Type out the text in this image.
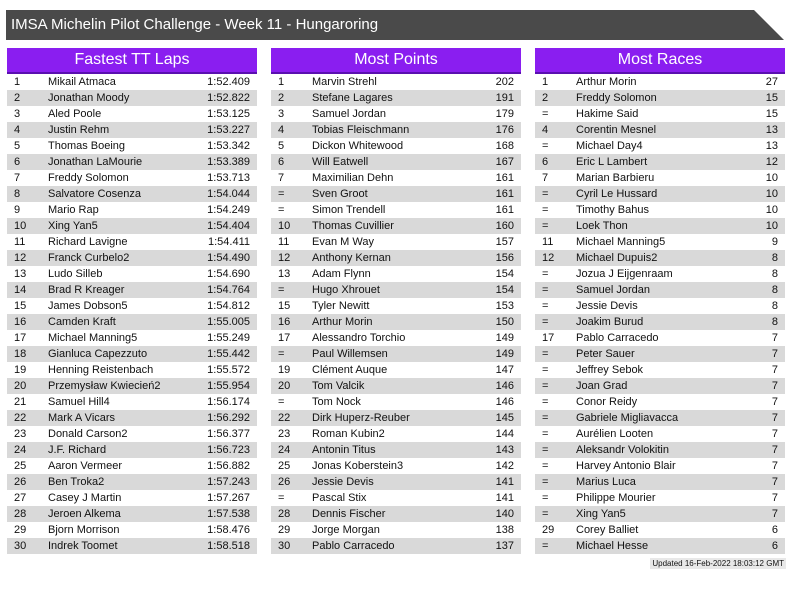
IMSA Michelin Pilot Challenge - Week 11 - Hungaroring
Fastest TT Laps
1	Mikail Atmaca	1:52.409
2	Jonathan Moody	1:52.822
3	Aled Poole	1:53.125
4	Justin Rehm	1:53.227
5	Thomas Boeing	1:53.342
6	Jonathan LaMourie	1:53.389
7	Freddy Solomon	1:53.713
8	Salvatore Cosenza	1:54.044
9	Mario Rap	1:54.249
10	Xing Yan5	1:54.404
11	Richard Lavigne	1:54.411
12	Franck Curbelo2	1:54.490
13	Ludo Silleb	1:54.690
14	Brad R Kreager	1:54.764
15	James Dobson5	1:54.812
16	Camden Kraft	1:55.005
17	Michael Manning5	1:55.249
18	Gianluca Capezzuto	1:55.442
19	Henning Reistenbach	1:55.572
20	Przemysław Kwiecień2	1:55.954
21	Samuel Hill4	1:56.174
22	Mark A Vicars	1:56.292
23	Donald Carson2	1:56.377
24	J.F. Richard	1:56.723
25	Aaron Vermeer	1:56.882
26	Ben Troka2	1:57.243
27	Casey J Martin	1:57.267
28	Jeroen Alkema	1:57.538
29	Bjorn Morrison	1:58.476
30	Indrek Toomet	1:58.518
Most Points
1	Marvin Strehl	202
2	Stefane Lagares	191
3	Samuel Jordan	179
4	Tobias Fleischmann	176
5	Dickon Whitewood	168
6	Will Eatwell	167
7	Maximilian Dehn	161
=	Sven Groot	161
=	Simon Trendell	161
10	Thomas Cuvillier	160
11	Evan M Way	157
12	Anthony Kernan	156
13	Adam Flynn	154
=	Hugo Xhrouet	154
15	Tyler Newitt	153
16	Arthur Morin	150
17	Alessandro Torchio	149
=	Paul Willemsen	149
19	Clément Auque	147
20	Tom Valcik	146
=	Tom Nock	146
22	Dirk Huperz-Reuber	145
23	Roman Kubin2	144
24	Antonin Titus	143
25	Jonas Koberstein3	142
26	Jessie Devis	141
=	Pascal Stix	141
28	Dennis Fischer	140
29	Jorge Morgan	138
30	Pablo Carracedo	137
Most Races
1	Arthur Morin	27
2	Freddy Solomon	15
=	Hakime Said	15
4	Corentin Mesnel	13
=	Michael Day4	13
6	Eric L Lambert	12
7	Marian Barbieru	10
=	Cyril Le Hussard	10
=	Timothy Bahus	10
=	Loek Thon	10
11	Michael Manning5	9
12	Michael Dupuis2	8
=	Jozua J Eijgenraam	8
=	Samuel Jordan	8
=	Jessie Devis	8
=	Joakim Burud	8
17	Pablo Carracedo	7
=	Peter Sauer	7
=	Jeffrey Sebok	7
=	Joan Grad	7
=	Conor Reidy	7
=	Gabriele Migliavacca	7
=	Aurélien Looten	7
=	Aleksandr Volokitin	7
=	Harvey Antonio Blair	7
=	Marius Luca	7
=	Philippe Mourier	7
=	Xing Yan5	7
29	Corey Balliet	6
=	Michael Hesse	6
Updated 16-Feb-2022 18:03:12 GMT
